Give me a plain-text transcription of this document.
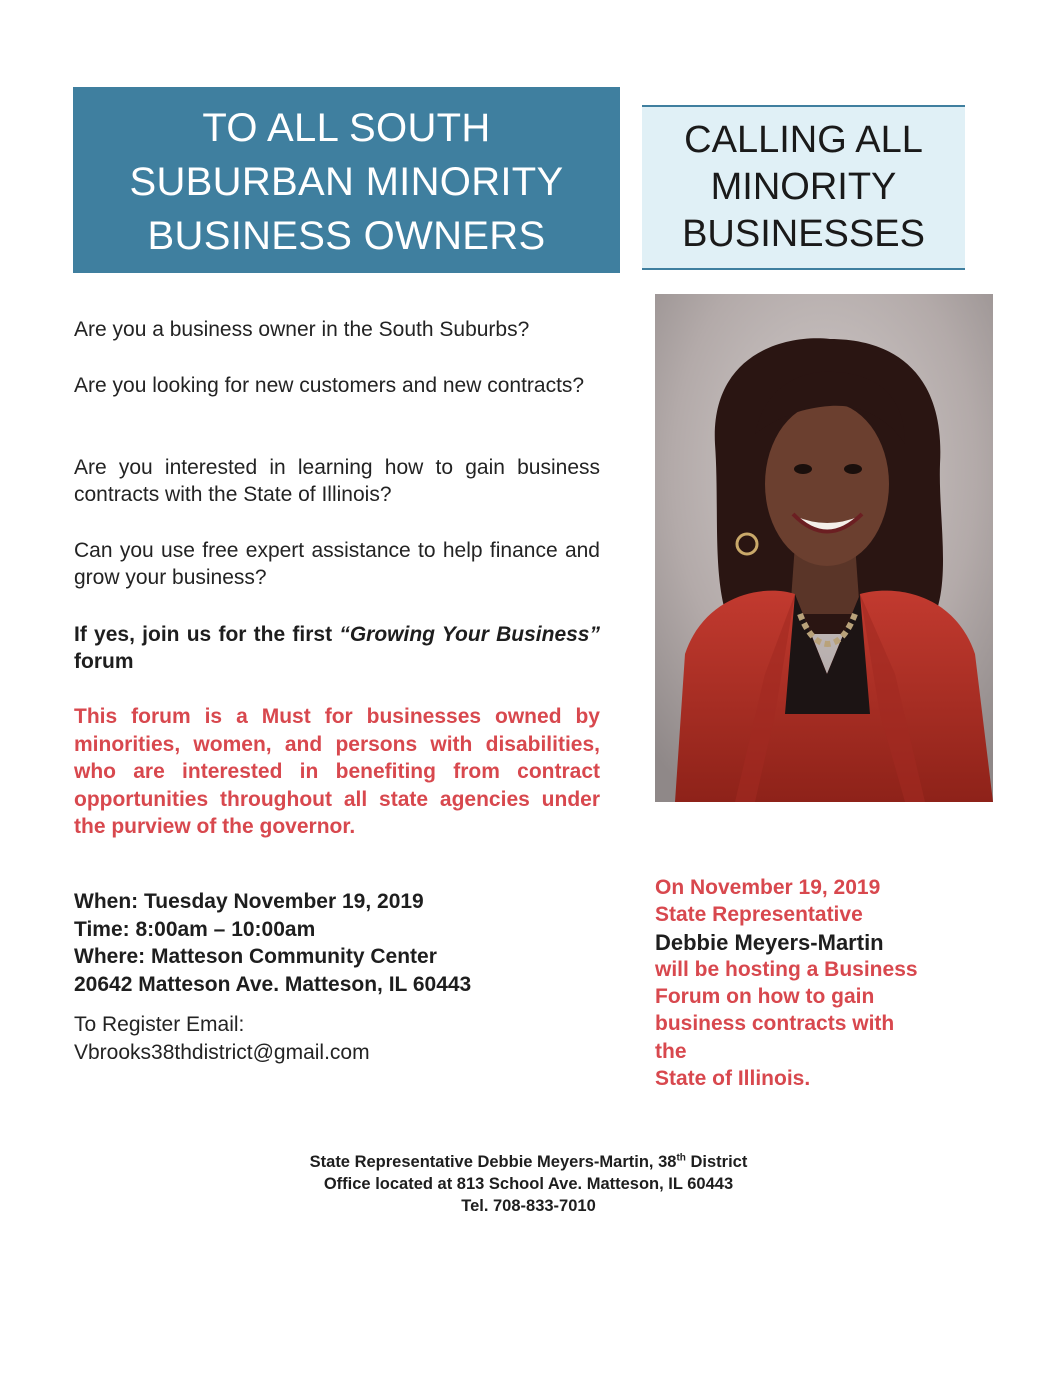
TO ALL SOUTH
SUBURBAN MINORITY
BUSINESS OWNERS
CALLING ALL
MINORITY
BUSINESSES

Are you a business owner in the South Suburbs?

Are you looking for new customers and new contracts?

Are you interested in learning how to gain business contracts with the State of Illinois?

Can you use free expert assistance to help finance and grow your business?

If yes, join us for the first “Growing Your Business” forum

This forum is a Must for businesses owned by minorities, women, and persons with disabilities, who are interested in benefiting from contract opportunities throughout all state agencies under the purview of the governor.

When: Tuesday November 19, 2019
Time: 8:00am – 10:00am
Where: Matteson Community Center
20642 Matteson Ave. Matteson, IL 60443
To Register Email:
Vbrooks38thdistrict@gmail.com
On November 19, 2019
State Representative
Debbie Meyers-Martin
will be hosting a Business
Forum on how to gain
business contracts with
the
State of Illinois.
State Representative Debbie Meyers-Martin, 38th District
Office located at 813 School Ave. Matteson, IL 60443
Tel. 708-833-7010
